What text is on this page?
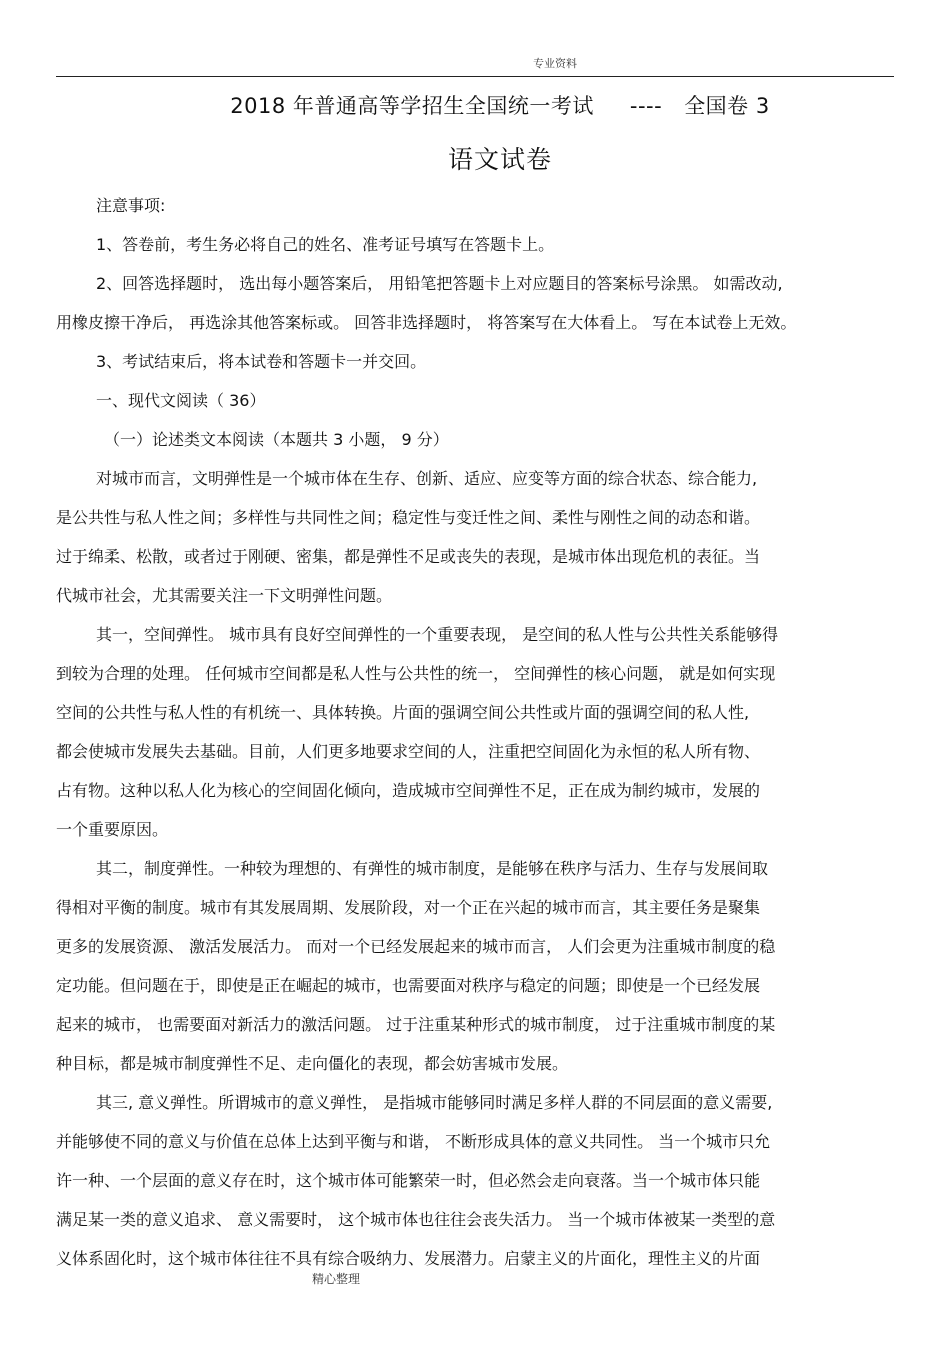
专业资料
2018 年普通高等学招生全国统一考试 ---- 全国卷 3
语文试卷
注意事项:
1、答卷前，考生务必将自己的姓名、准考证号填写在答题卡上。
2、回答选择题时， 选出每小题答案后， 用铅笔把答题卡上对应题目的答案标号涂黑。 如需改动,
用橡皮擦干净后， 再选涂其他答案标或。 回答非选择题时， 将答案写在大体看上。 写在本试卷上无效。
3、考试结束后，将本试卷和答题卡一并交回。
一、现代文阅读（ 36）
（一）论述类文本阅读（本题共 3 小题， 9 分）
对城市而言，文明弹性是一个城市体在生存、创新、适应、应变等方面的综合状态、综合能力,
是公共性与私人性之间；多样性与共同性之间；稳定性与变迁性之间、柔性与刚性之间的动态和谐。
过于绵柔、松散，或者过于刚硬、密集，都是弹性不足或丧失的表现，是城市体出现危机的表征。当
代城市社会，尤其需要关注一下文明弹性问题。
其一，空间弹性。 城市具有良好空间弹性的一个重要表现， 是空间的私人性与公共性关系能够得
到较为合理的处理。 任何城市空间都是私人性与公共性的统一， 空间弹性的核心问题， 就是如何实现
空间的公共性与私人性的有机统一、具体转换。片面的强调空间公共性或片面的强调空间的私人性,
都会使城市发展失去基础。目前，人们更多地要求空间的人，注重把空间固化为永恒的私人所有物、
占有物。这种以私人化为核心的空间固化倾向，造成城市空间弹性不足，正在成为制约城市，发展的
一个重要原因。
其二，制度弹性。一种较为理想的、有弹性的城市制度，是能够在秩序与活力、生存与发展间取
得相对平衡的制度。城市有其发展周期、发展阶段，对一个正在兴起的城市而言，其主要任务是聚集
更多的发展资源、 激活发展活力。 而对一个已经发展起来的城市而言， 人们会更为注重城市制度的稳
定功能。但问题在于，即使是正在崛起的城市，也需要面对秩序与稳定的问题；即使是一个已经发展
起来的城市， 也需要面对新活力的激活问题。 过于注重某种形式的城市制度， 过于注重城市制度的某
种目标，都是城市制度弹性不足、走向僵化的表现，都会妨害城市发展。
其三, 意义弹性。所谓城市的意义弹性， 是指城市能够同时满足多样人群的不同层面的意义需要,
并能够使不同的意义与价值在总体上达到平衡与和谐， 不断形成具体的意义共同性。 当一个城市只允
许一种、一个层面的意义存在时，这个城市体可能繁荣一时，但必然会走向衰落。当一个城市体只能
满足某一类的意义追求、 意义需要时， 这个城市体也往往会丧失活力。 当一个城市体被某一类型的意
义体系固化时，这个城市体往往不具有综合吸纳力、发展潜力。启蒙主义的片面化，理性主义的片面
精心整理
